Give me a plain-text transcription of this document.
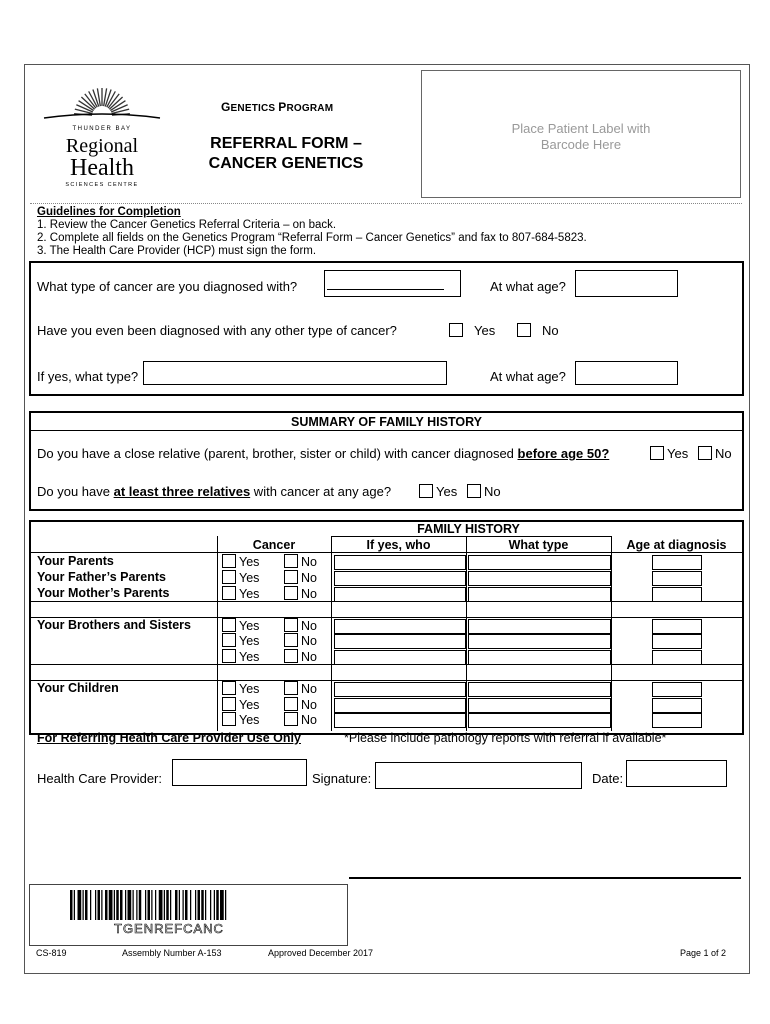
THUNDER BAY
Regional
Health
SCIENCES CENTRE
GENETICS PROGRAM
REFERRAL FORM –
CANCER GENETICS
Place Patient Label with
Barcode Here
Guidelines for Completion
1. Review the Cancer Genetics Referral Criteria – on back.
2. Complete all fields on the Genetics Program “Referral Form – Cancer Genetics” and fax to 807-684-5823.
3. The Health Care Provider (HCP) must sign the form.
What type of cancer are you diagnosed with?	At what age?
Have you even been diagnosed with any other type of cancer?	Yes	No
If yes, what type?	At what age?
SUMMARY OF FAMILY HISTORY
Do you have a close relative (parent, brother, sister or child) with cancer diagnosed before age 50?	Yes	No
Do you have at least three relatives with cancer at any age?	Yes	No
FAMILY HISTORY
Cancer	If yes, who	What type	Age at diagnosis
Your Parents	Yes	No
Your Father’s Parents	Yes	No
Your Mother’s Parents	Yes	No
Your Brothers and Sisters	Yes	No
Yes	No
Yes	No
Your Children	Yes	No
Yes	No
Yes	No
For Referring Health Care Provider Use Only	*Please include pathology reports with referral if available*
Health Care Provider:	Signature:	Date:
TGENREFCANC
CS-819	Assembly Number A-153	Approved December 2017	Page 1 of 2
